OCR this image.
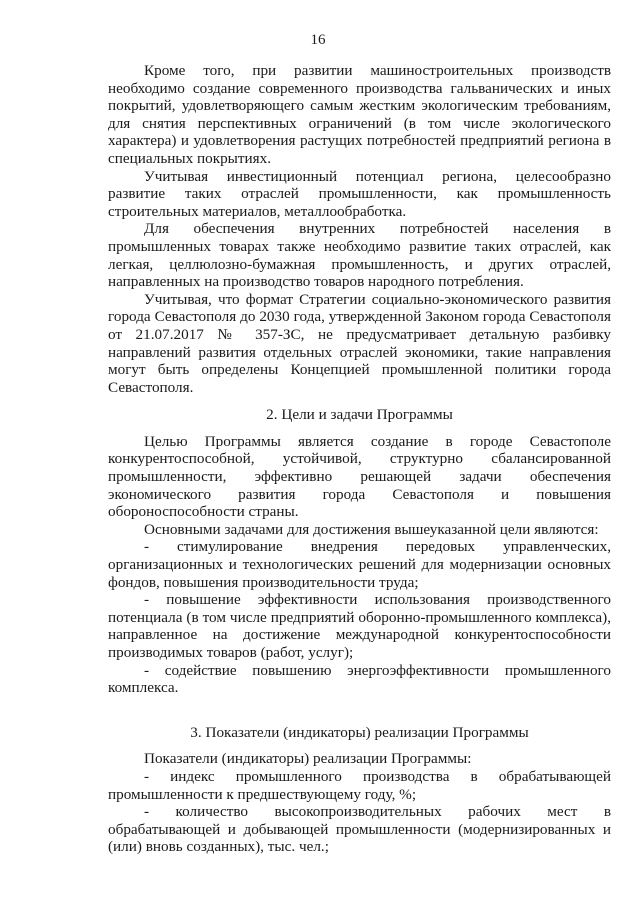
16

Кроме того, при развитии машиностроительных производств необходимо создание современного производства гальванических и иных покрытий, удовлетворяющего самым жестким экологическим требованиям, для снятия перспективных ограничений (в том числе экологического характера) и удовлетворения растущих потребностей предприятий региона в специальных покрытиях.

Учитывая инвестиционный потенциал региона, целесообразно развитие таких отраслей промышленности, как промышленность строительных материалов, металлообработка.

Для обеспечения внутренних потребностей населения в промышленных товарах также необходимо развитие таких отраслей, как легкая, целлюлозно-бумажная промышленность, и других отраслей, направленных на производство товаров народного потребления.

Учитывая, что формат Стратегии социально-экономического развития города Севастополя до 2030 года, утвержденной Законом города Севастополя от 21.07.2017 № 357-ЗС, не предусматривает детальную разбивку направлений развития отдельных отраслей экономики, такие направления могут быть определены Концепцией промышленной политики города Севастополя.

2. Цели и задачи Программы

Целью Программы является создание в городе Севастополе конкурентоспособной, устойчивой, структурно сбалансированной промышленности, эффективно решающей задачи обеспечения экономического развития города Севастополя и повышения обороноспособности страны.

Основными задачами для достижения вышеуказанной цели являются:

- стимулирование внедрения передовых управленческих, организационных и технологических решений для модернизации основных фондов, повышения производительности труда;

- повышение эффективности использования производственного потенциала (в том числе предприятий оборонно-промышленного комплекса), направленное на достижение международной конкурентоспособности производимых товаров (работ, услуг);

- содействие повышению энергоэффективности промышленного комплекса.

3. Показатели (индикаторы) реализации Программы

Показатели (индикаторы) реализации Программы:

- индекс промышленного производства в обрабатывающей промышленности к предшествующему году, %;

- количество высокопроизводительных рабочих мест в обрабатывающей и добывающей промышленности (модернизированных и (или) вновь созданных), тыс. чел.;
